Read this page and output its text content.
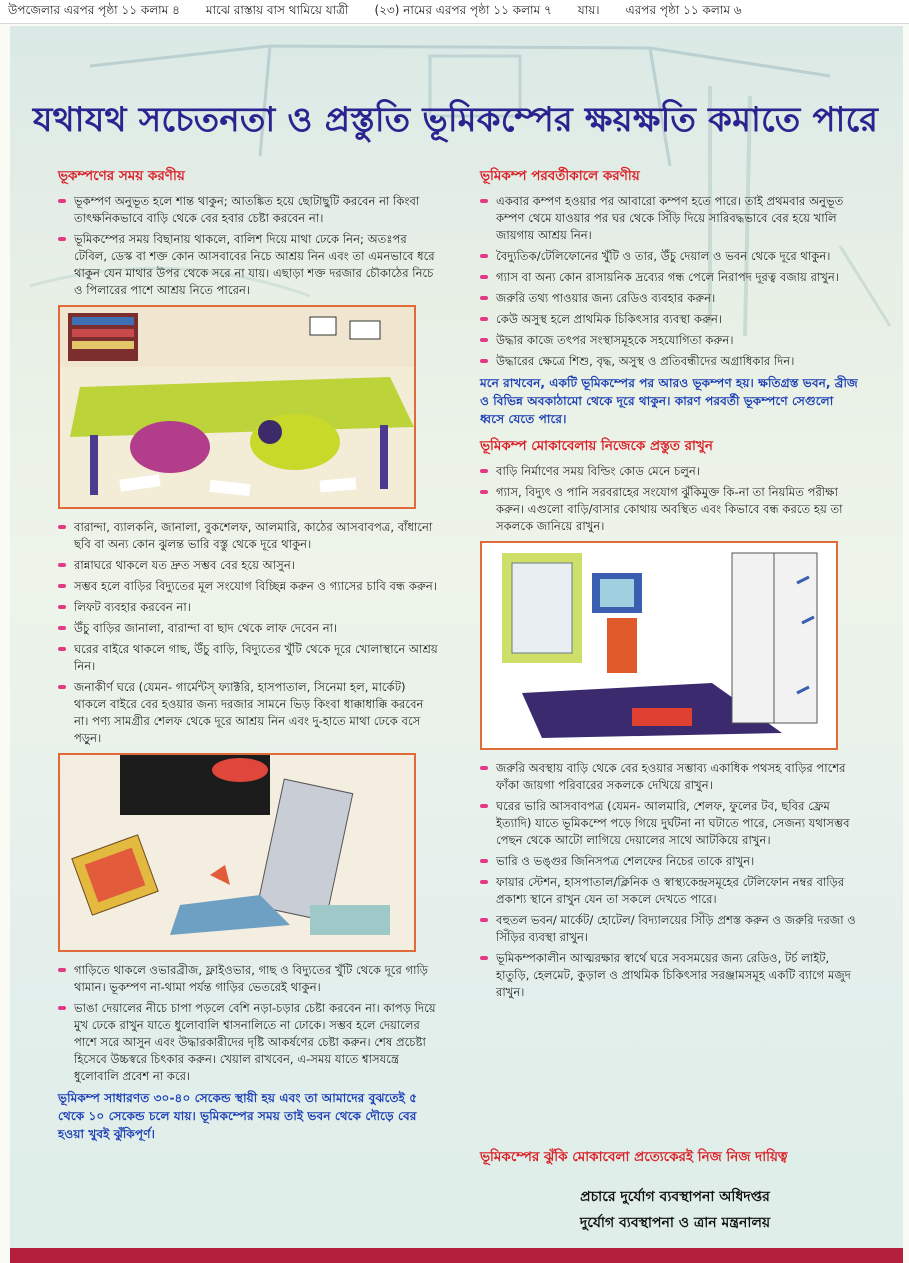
উপজেলার এরপর পৃষ্ঠা ১১ কলাম ৪ মাঝে রাস্তায় বাস থামিয়ে যাত্রী (২৩) নামের এরপর পৃষ্ঠা ১১ কলাম ৭ যায়। এরপর পৃষ্ঠা ১১ কলাম ৬
যথাযথ সচেতনতা ও প্রস্তুতি ভূমিকম্পের ক্ষয়ক্ষতি কমাতে পারে
ভূকম্পণের সময় করণীয়
ভূকম্পণ অনুভূত হলে শান্ত থাকুন; আতঙ্কিত হয়ে ছোটাছুটি করবেন না কিংবা তাৎক্ষনিকভাবে বাড়ি থেকে বের হবার চেষ্টা করবেন না।
ভূমিকম্পের সময় বিছানায় থাকলে, বালিশ দিয়ে মাথা ঢেকে নিন; অতঃপর টেবিল, ডেস্ক বা শক্ত কোন আসবাবের নিচে আশ্রয় নিন এবং তা এমনভাবে ধরে থাকুন যেন মাথার উপর থেকে সরে না যায়। এছাড়া শক্ত দরজার চৌকাঠের নিচে ও পিলারের পাশে আশ্রয় নিতে পারেন।
বারান্দা, ব্যালকনি, জানালা, বুকশেলফ, আলমারি, কাঠের আসবাবপত্র, বাঁধানো ছবি বা অন্য কোন ঝুলন্ত ভারি বস্তু থেকে দূরে থাকুন।
রান্নাঘরে থাকলে যত দ্রুত সম্ভব বের হয়ে আসুন।
সম্ভব হলে বাড়ির বিদ্যুতের মূল সংযোগ বিচ্ছিন্ন করুন ও গ্যাসের চাবি বন্ধ করুন।
লিফট ব্যবহার করবেন না।
উঁচু বাড়ির জানালা, বারান্দা বা ছাদ থেকে লাফ দেবেন না।
ঘরের বাইরে থাকলে গাছ, উঁচু বাড়ি, বিদ্যুতের খুঁটি থেকে দূরে খোলাস্থানে আশ্রয় নিন।
জনাকীর্ণ ঘরে (যেমন- গার্মেন্টস্ ফ্যাক্টরি, হাসপাতাল, সিনেমা হল, মার্কেট) থাকলে বাইরে বের হওয়ার জন্য দরজার সামনে ভিড় কিংবা ধাক্কাধাক্কি করবেন না। পণ্য সামগ্রীর শেলফ থেকে দূরে আশ্রয় নিন এবং দু-হাতে মাথা ঢেকে বসে পড়ুন।
গাড়িতে থাকলে ওভারব্রীজ, ফ্লাইওভার, গাছ ও বিদ্যুতের খুঁটি থেকে দূরে গাড়ি থামান। ভূকম্পণ না-থামা পর্যন্ত গাড়ির ভেতরেই থাকুন।
ভাঙা দেয়ালের নীচে চাপা পড়লে বেশি নড়া-চড়ার চেষ্টা করবেন না। কাপড় দিয়ে মুখ ঢেকে রাখুন যাতে ধুলোবালি শ্বাসনালিতে না ঢোকে। সম্ভব হলে দেয়ালের পাশে সরে আসুন এবং উদ্ধারকারীদের দৃষ্টি আকর্ষণের চেষ্টা করুন। শেষ প্রচেষ্টা হিসেবে উচ্চস্বরে চিৎকার করুন। খেয়াল রাখবেন, এ-সময় যাতে শ্বাসযন্ত্রে ধুলোবালি প্রবেশ না করে।
ভূমিকম্প সাধারণত ৩০-৪০ সেকেন্ড স্থায়ী হয় এবং তা আমাদের বুঝতেই ৫ থেকে ১০ সেকেন্ড চলে যায়। ভূমিকম্পের সময় তাই ভবন থেকে দৌড়ে বের হওয়া খুবই ঝুঁকিপূর্ণ।
ভূমিকম্প পরবর্তীকালে করণীয়
একবার কম্পণ হওয়ার পর আবারো কম্পণ হতে পারে। তাই প্রথমবার অনুভূত কম্পণ থেমে যাওয়ার পর ঘর থেকে সিঁড়ি দিয়ে সারিবদ্ধভাবে বের হয়ে খালি জায়গায় আশ্রয় নিন।
বৈদ্যুতিক/টেলিফোনের খুঁটি ও তার, উঁচু দেয়াল ও ভবন থেকে দূরে থাকুন।
গ্যাস বা অন্য কোন রাসায়নিক দ্রব্যের গন্ধ পেলে নিরাপদ দূরত্ব বজায় রাখুন।
জরুরি তথ্য পাওয়ার জন্য রেডিও ব্যবহার করুন।
কেউ অসুস্থ হলে প্রাথমিক চিকিৎসার ব্যবস্থা করুন।
উদ্ধার কাজে তৎপর সংস্থাসমূহকে সহযোগিতা করুন।
উদ্ধারের ক্ষেত্রে শিশু, বৃদ্ধ, অসুস্থ ও প্রতিবন্ধীদের অগ্রাধিকার দিন।
মনে রাখবেন, একটি ভূমিকম্পের পর আরও ভূকম্পণ হয়। ক্ষতিগ্রস্ত ভবন, ব্রীজ ও বিভিন্ন অবকাঠামো থেকে দূরে থাকুন। কারণ পরবর্তী ভূকম্পণে সেগুলো ধ্বসে যেতে পারে।
ভূমিকম্প মোকাবেলায় নিজেকে প্রস্তুত রাখুন
বাড়ি নির্মাণের সময় বিল্ডিং কোড মেনে চলুন।
গ্যাস, বিদ্যুৎ ও পানি সরবরাহের সংযোগ ঝুঁকিমুক্ত কি-না তা নিয়মিত পরীক্ষা করুন। এগুলো বাড়ি/বাসার কোথায় অবস্থিত এবং কিভাবে বন্ধ করতে হয় তা সকলকে জানিয়ে রাখুন।
জরুরি অবস্থায় বাড়ি থেকে বের হওয়ার সম্ভাব্য একাধিক পথসহ বাড়ির পাশের ফাঁকা জায়গা পরিবারের সকলকে দেখিয়ে রাখুন।
ঘরের ভারি আসবাবপত্র (যেমন- আলমারি, শেলফ, ফুলের টব, ছবির ফ্রেম ইত্যাদি) যাতে ভূমিকম্পে পড়ে গিয়ে দুর্ঘটনা না ঘটাতে পারে, সেজন্য যথাসম্ভব পেছন থেকে আটো লাগিয়ে দেয়ালের সাথে আটকিয়ে রাখুন।
ভারি ও ভঙ্গুর জিনিসপত্র শেলফের নিচের তাকে রাখুন।
ফায়ার স্টেশন, হাসপাতাল/ক্লিনিক ও স্বাস্থ্যকেন্দ্রসমূহের টেলিফোন নম্বর বাড়ির প্রকাশ্য স্থানে রাখুন যেন তা সকলে দেখতে পারে।
বহুতল ভবন/ মার্কেট/ হোটেল/ বিদ্যালয়ের সিঁড়ি প্রশস্ত করুন ও জরুরি দরজা ও সিঁড়ির ব্যবস্থা রাখুন।
ভূমিকম্পকালীন আত্মরক্ষার স্বার্থে ঘরে সবসময়ের জন্য রেডিও, টর্চ লাইট, হাতুড়ি, হেলমেট, কুড়াল ও প্রাথমিক চিকিৎসার সরঞ্জামসমূহ একটি ব্যাগে মজুদ রাখুন।
ভূমিকম্পের ঝুঁকি মোকাবেলা প্রত্যেকেরই নিজ নিজ দায়িত্ব
প্রচারে দুর্যোগ ব্যবস্থাপনা অধিদপ্তর
দুর্যোগ ব্যবস্থাপনা ও ত্রান মন্ত্রনালয়
